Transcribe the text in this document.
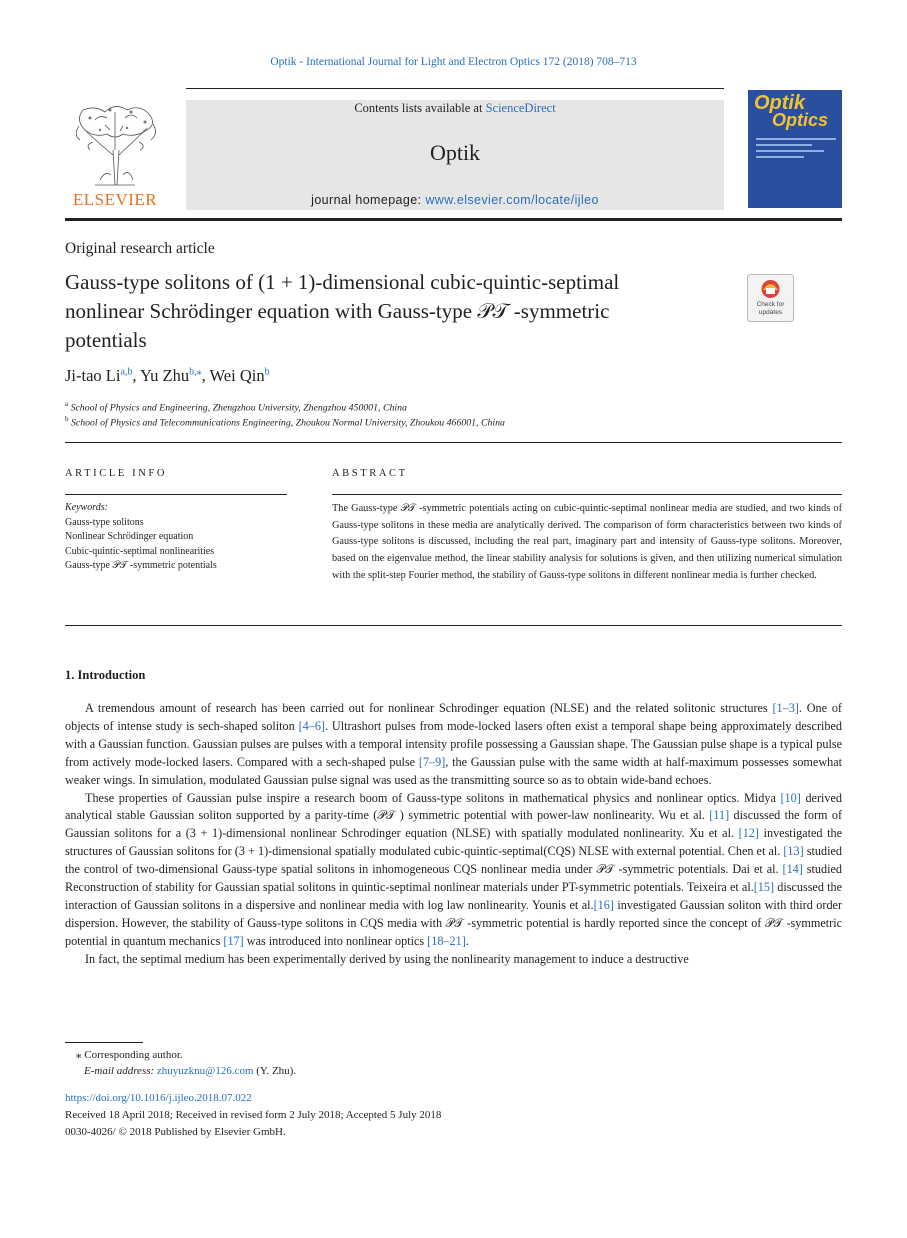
Optik - International Journal for Light and Electron Optics 172 (2018) 708–713
ELSEVIER
Contents lists available at ScienceDirect
Optik
journal homepage: www.elsevier.com/locate/ijleo
Optik
Optics
Original research article
Gauss-type solitons of (1 + 1)-dimensional cubic-quintic-septimal
nonlinear Schrödinger equation with Gauss-type 𝒫𝒯 -symmetric
potentials
Check for
updates
Ji-tao Li$^{a,b}$, Yu Zhu$^{b,⁎}$, Wei Qin$^b$
$^a$ School of Physics and Engineering, Zhengzhou University, Zhengzhou 450001, China
$^b$ School of Physics and Telecommunications Engineering, Zhoukou Normal University, Zhoukou 466001, China
ARTICLE INFO
Keywords:
Gauss-type solitons
Nonlinear Schrödinger equation
Cubic-quintic-septimal nonlinearities
Gauss-type 𝒫𝒯 -symmetric potentials
ABSTRACT
The Gauss-type 𝒫𝒯 -symmetric potentials acting on cubic-quintic-septimal nonlinear media are studied, and two kinds of Gauss-type solitons in these media are analytically derived. The comparison of form characteristics between two kinds of Gauss-type solitons is discussed, including the real part, imaginary part and intensity of Gauss-type solitons. Moreover, based on the eigenvalue method, the linear stability analysis for solutions is given, and then utilizing numerical simulation with the split-step Fourier method, the stability of Gauss-type solitons in different nonlinear media is further checked.
1. Introduction

A tremendous amount of research has been carried out for nonlinear Schrodinger equation (NLSE) and the related solitonic structures [1–3]. One of objects of intense study is sech-shaped soliton [4–6]. Ultrashort pulses from mode-locked lasers often exist a temporal shape being approximately described with a Gaussian function. Gaussian pulses are pulses with a temporal intensity profile possessing a Gaussian shape. The Gaussian pulse shape is a typical pulse from actively mode-locked lasers. Compared with a sech-shaped pulse [7–9], the Gaussian pulse with the same width at half-maximum possesses somewhat weaker wings. In simulation, modulated Gaussian pulse signal was used as the transmitting source so as to obtain wide-band echoes.

These properties of Gaussian pulse inspire a research boom of Gauss-type solitons in mathematical physics and nonlinear optics. Midya [10] derived analytical stable Gaussian soliton supported by a parity-time (𝒫𝒯 ) symmetric potential with power-law nonlinearity. Wu et al. [11] discussed the form of Gaussian solitons for a (3 + 1)-dimensional nonlinear Schrodinger equation (NLSE) with spatially modulated nonlinearity. Xu et al. [12] investigated the structures of Gaussian solitons for (3 + 1)-dimensional spatially modulated cubic-quintic-septimal(CQS) NLSE with external potential. Chen et al. [13] studied the control of two-dimensional Gauss-type spatial solitons in inhomogeneous CQS nonlinear media under 𝒫𝒯 -symmetric potentials. Dai et al. [14] studied Reconstruction of stability for Gaussian spatial solitons in quintic-septimal nonlinear materials under PT-symmetric potentials. Teixeira et al.[15] discussed the interaction of Gaussian solitons in a dispersive and nonlinear media with log law nonlinearity. Younis et al.[16] investigated Gaussian soliton with third order dispersion. However, the stability of Gauss-type solitons in CQS media with 𝒫𝒯 -symmetric potential is hardly reported since the concept of 𝒫𝒯 -symmetric potential in quantum mechanics [17] was introduced into nonlinear optics [18–21].

In fact, the septimal medium has been experimentally derived by using the nonlinearity management to induce a destructive

⁎ Corresponding author.
E-mail address: zhuyuzknu@126.com (Y. Zhu).
https://doi.org/10.1016/j.ijleo.2018.07.022
Received 18 April 2018; Received in revised form 2 July 2018; Accepted 5 July 2018
0030-4026/ © 2018 Published by Elsevier GmbH.
